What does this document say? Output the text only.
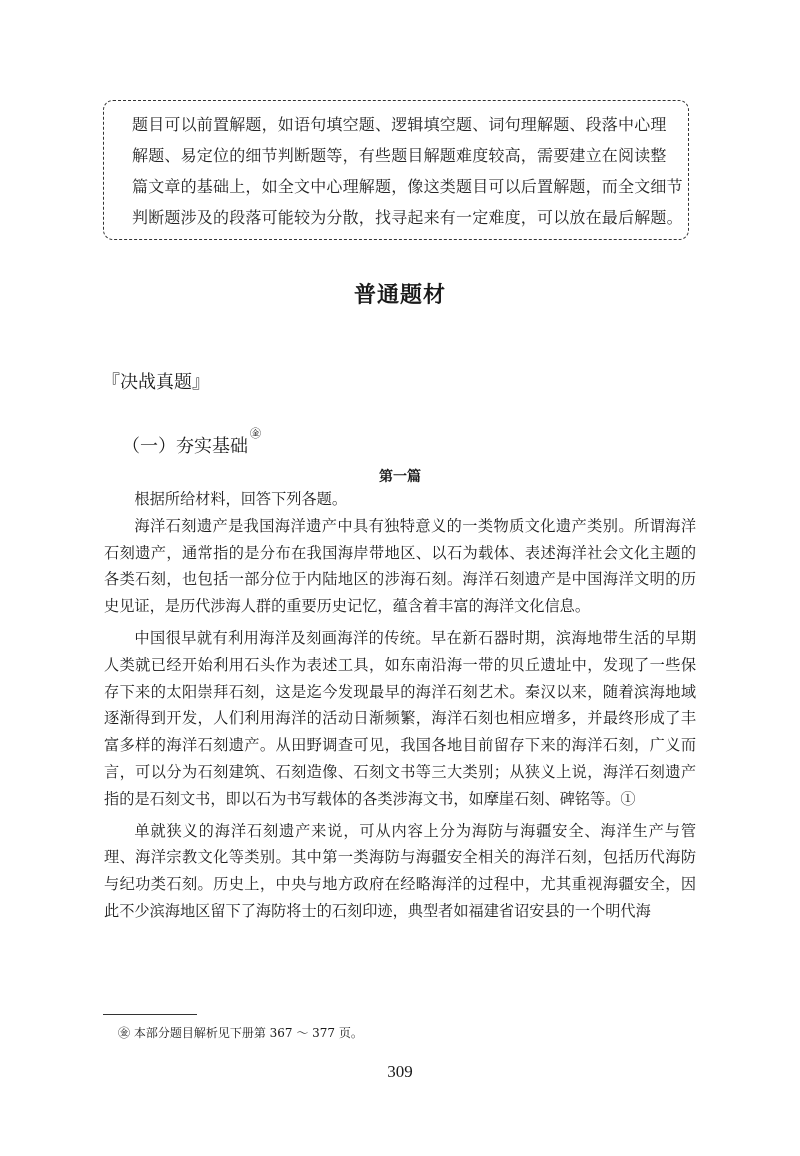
题目可以前置解题，如语句填空题、逻辑填空题、词句理解题、段落中心理

解题、易定位的细节判断题等，有些题目解题难度较高，需要建立在阅读整

篇文章的基础上，如全文中心理解题，像这类题目可以后置解题，而全文细节

判断题涉及的段落可能较为分散，找寻起来有一定难度，可以放在最后解题。

普通题材
『决战真题』
（一）夯实基础㊎
第一篇

根据所给材料，回答下列各题。

海洋石刻遗产是我国海洋遗产中具有独特意义的一类物质文化遗产类别。所谓海洋石刻遗产，通常指的是分布在我国海岸带地区、以石为载体、表述海洋社会文化主题的各类石刻，也包括一部分位于内陆地区的涉海石刻。海洋石刻遗产是中国海洋文明的历史见证，是历代涉海人群的重要历史记忆，蕴含着丰富的海洋文化信息。

中国很早就有利用海洋及刻画海洋的传统。早在新石器时期，滨海地带生活的早期人类就已经开始利用石头作为表述工具，如东南沿海一带的贝丘遗址中，发现了一些保存下来的太阳崇拜石刻，这是迄今发现最早的海洋石刻艺术。秦汉以来，随着滨海地域逐渐得到开发，人们利用海洋的活动日渐频繁，海洋石刻也相应增多，并最终形成了丰富多样的海洋石刻遗产。从田野调查可见，我国各地目前留存下来的海洋石刻，广义而言，可以分为石刻建筑、石刻造像、石刻文书等三大类别；从狭义上说，海洋石刻遗产指的是石刻文书，即以石为书写载体的各类涉海文书，如摩崖石刻、碑铭等。①

单就狭义的海洋石刻遗产来说，可从内容上分为海防与海疆安全、海洋生产与管理、海洋宗教文化等类别。其中第一类海防与海疆安全相关的海洋石刻，包括历代海防与纪功类石刻。历史上，中央与地方政府在经略海洋的过程中，尤其重视海疆安全，因此不少滨海地区留下了海防将士的石刻印迹，典型者如福建省诏安县的一个明代海

㊎ 本部分题目解析见下册第 367 ～ 377 页。
309
